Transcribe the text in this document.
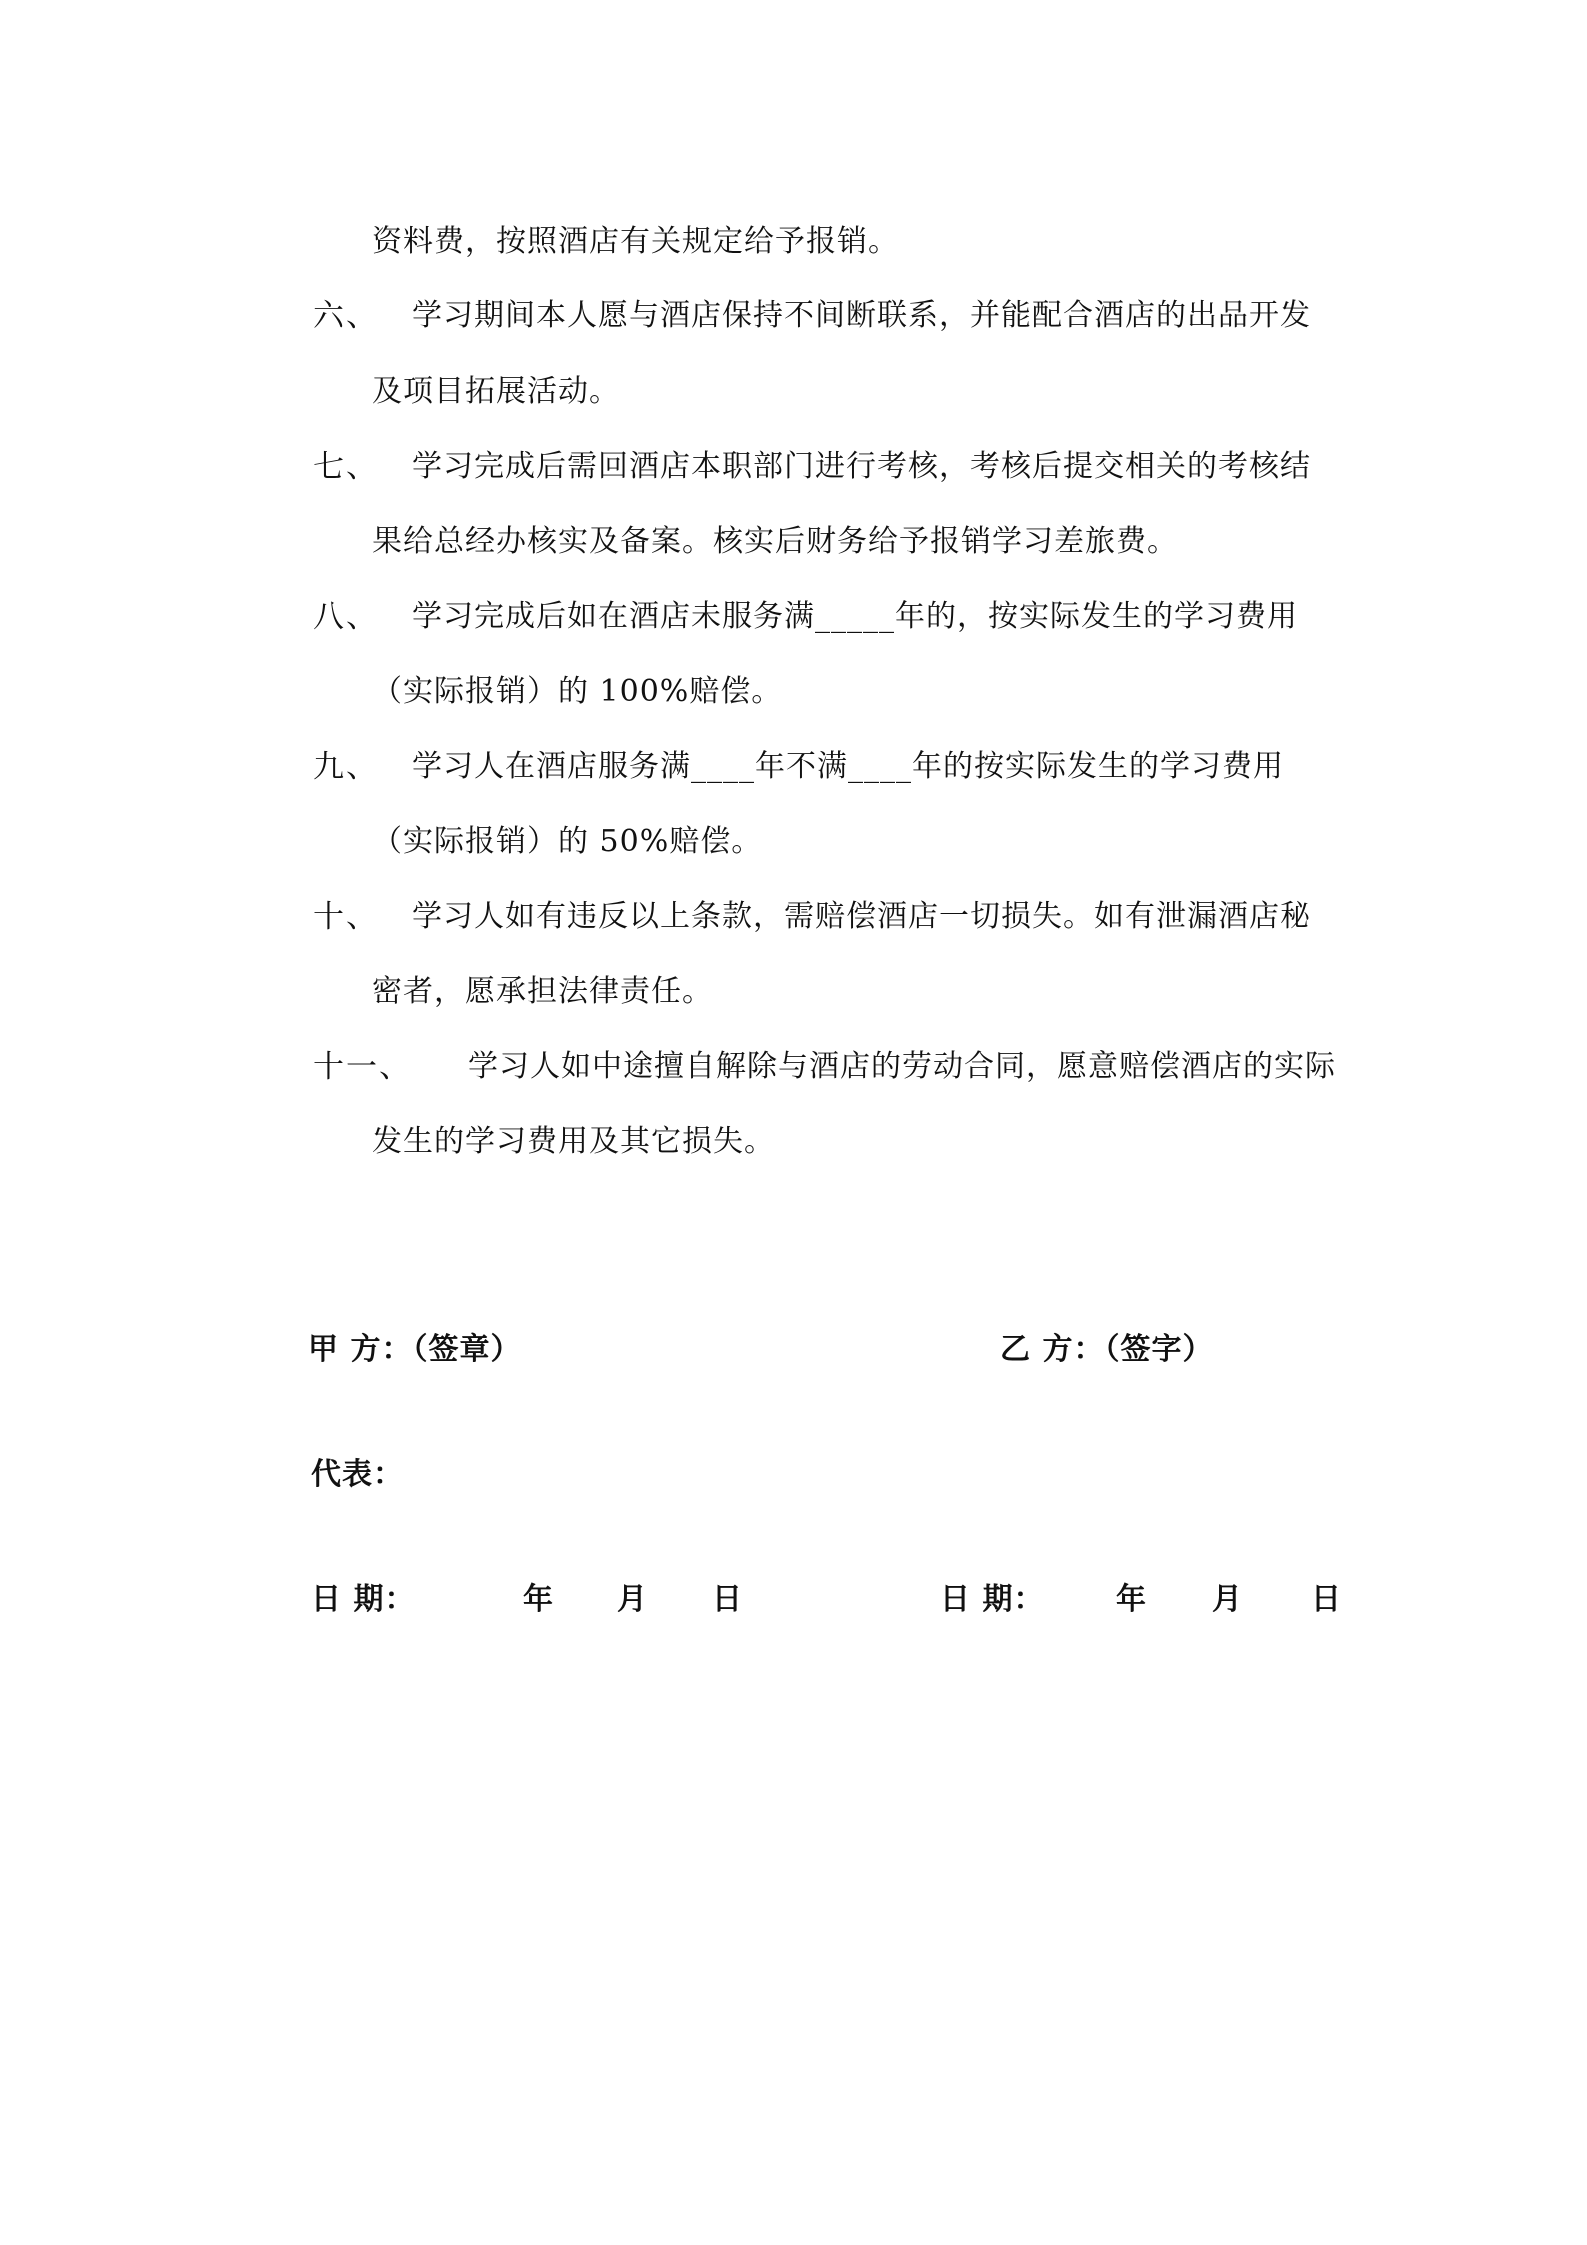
资料费，按照酒店有关规定给予报销。
六、 学习期间本人愿与酒店保持不间断联系，并能配合酒店的出品开发
及项目拓展活动。
七、 学习完成后需回酒店本职部门进行考核，考核后提交相关的考核结
果给总经办核实及备案。核实后财务给予报销学习差旅费。
八、 学习完成后如在酒店未服务满_____年的，按实际发生的学习费用
（实际报销）的 100%赔偿。
九、 学习人在酒店服务满____年不满____年的按实际发生的学习费用
（实际报销）的 50%赔偿。
十、 学习人如有违反以上条款，需赔偿酒店一切损失。如有泄漏酒店秘
密者，愿承担法律责任。
十一、 学习人如中途擅自解除与酒店的劳动合同，愿意赔偿酒店的实际
发生的学习费用及其它损失。
甲 方：（签章）	乙 方：（签字）
代表：
日 期：	年 月 日	日 期： 年 月 日
